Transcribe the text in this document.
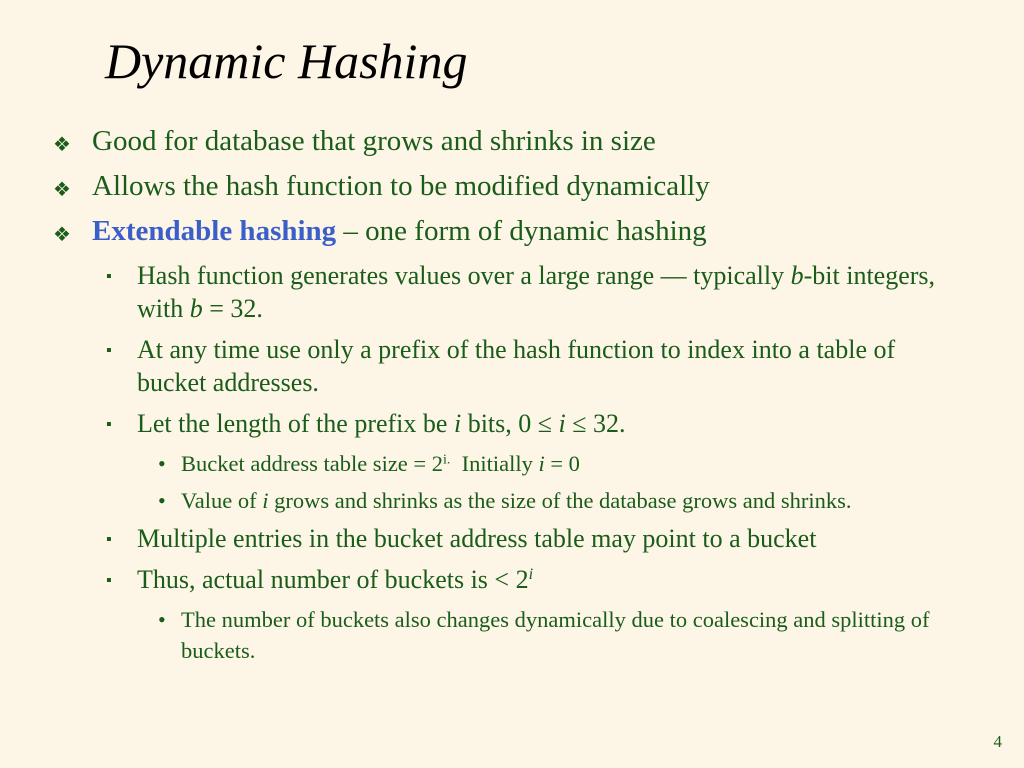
Dynamic Hashing
❖ Good for database that grows and shrinks in size
❖ Allows the hash function to be modified dynamically
❖ Extendable hashing – one form of dynamic hashing
▪ Hash function generates values over a large range — typically b-bit integers, with b = 32.
▪ At any time use only a prefix of the hash function to index into a table of bucket addresses.
▪ Let the length of the prefix be i bits, 0 ≤ i ≤ 32.
• Bucket address table size = $2^{i.}$  Initially i = 0
• Value of i grows and shrinks as the size of the database grows and shrinks.
▪ Multiple entries in the bucket address table may point to a bucket
▪ Thus, actual number of buckets is < $2^i$
• The number of buckets also changes dynamically due to coalescing and splitting of buckets.
4
